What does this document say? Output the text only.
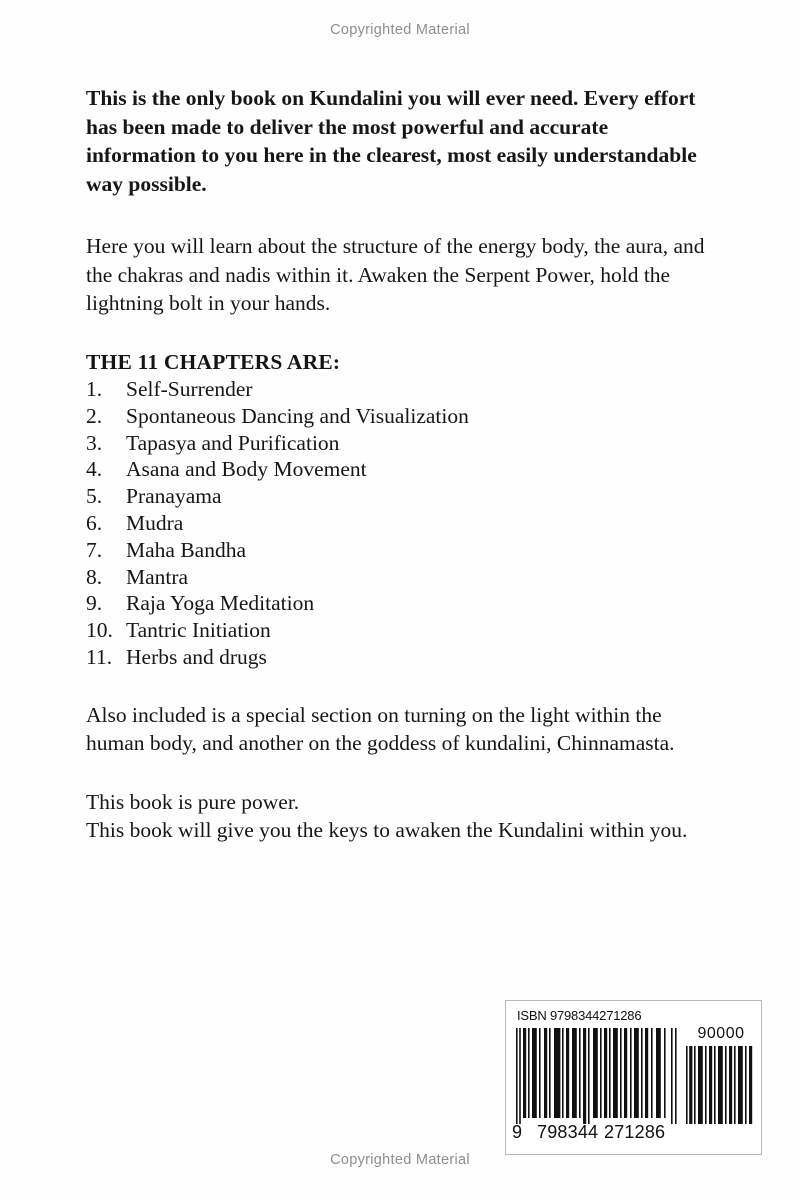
Copyrighted Material

This is the only book on Kundalini you will ever need. Every effort has been made to deliver the most powerful and accurate information to you here in the clearest, most easily understandable way possible.

Here you will learn about the structure of the energy body, the aura, and the chakras and nadis within it. Awaken the Serpent Power, hold the lightning bolt in your hands.

THE 11 CHAPTERS ARE:
1.	Self-Surrender
2.	Spontaneous Dancing and Visualization
3.	Tapasya and Purification
4.	Asana and Body Movement
5.	Pranayama
6.	Mudra
7.	Maha Bandha
8.	Mantra
9.	Raja Yoga Meditation
10. Tantric Initiation
11. Herbs and drugs

Also included is a special section on turning on the light within the human body, and another on the goddess of kundalini, Chinnamasta.

This book is pure power.

This book will give you the keys to awaken the Kundalini within you.

ISBN 9798344271286
90000
9 798344 271286
Copyrighted Material
